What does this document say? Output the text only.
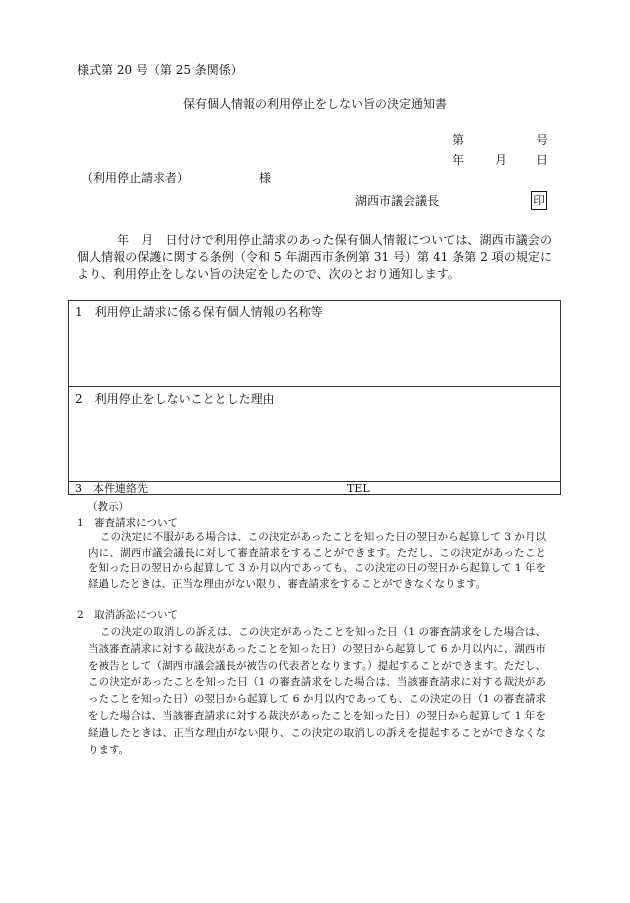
様式第 20 号（第 25 条関係）
保有個人情報の利用停止をしない旨の決定通知書
第	号
年	月 日
（利用停止請求者）	様
湖西市議会議長	印
年　月　日付けで利用停止請求のあった保有個人情報については、湖西市議会の個人情報の保護に関する条例（令和 5 年湖西市条例第 31 号）第 41 条第 2 項の規定により、利用停止をしない旨の決定をしたので、次のとおり通知します。
1　利用停止請求に係る保有個人情報の名称等
2　利用停止をしないこととした理由
3　本件連絡先	TEL
（教示）
1　審査請求について
この決定に不服がある場合は、この決定があったことを知った日の翌日から起算して 3 か月以内に、湖西市議会議長に対して審査請求をすることができます。ただし、この決定があったことを知った日の翌日から起算して 3 か月以内であっても、この決定の日の翌日から起算して 1 年を経過したときは、正当な理由がない限り、審査請求をすることができなくなります。
2　取消訴訟について
この決定の取消しの訴えは、この決定があったことを知った日（1 の審査請求をした場合は、当該審査請求に対する裁決があったことを知った日）の翌日から起算して 6 か月以内に、湖西市を被告として（湖西市議会議長が被告の代表者となります。）提起することができます。ただし、この決定があったことを知った日（1 の審査請求をした場合は、当該審査請求に対する裁決があったことを知った日）の翌日から起算して 6 か月以内であっても、この決定の日（1 の審査請求をした場合は、当該審査請求に対する裁決があったことを知った日）の翌日から起算して 1 年を経過したときは、正当な理由がない限り、この決定の取消しの訴えを提起することができなくなります。
